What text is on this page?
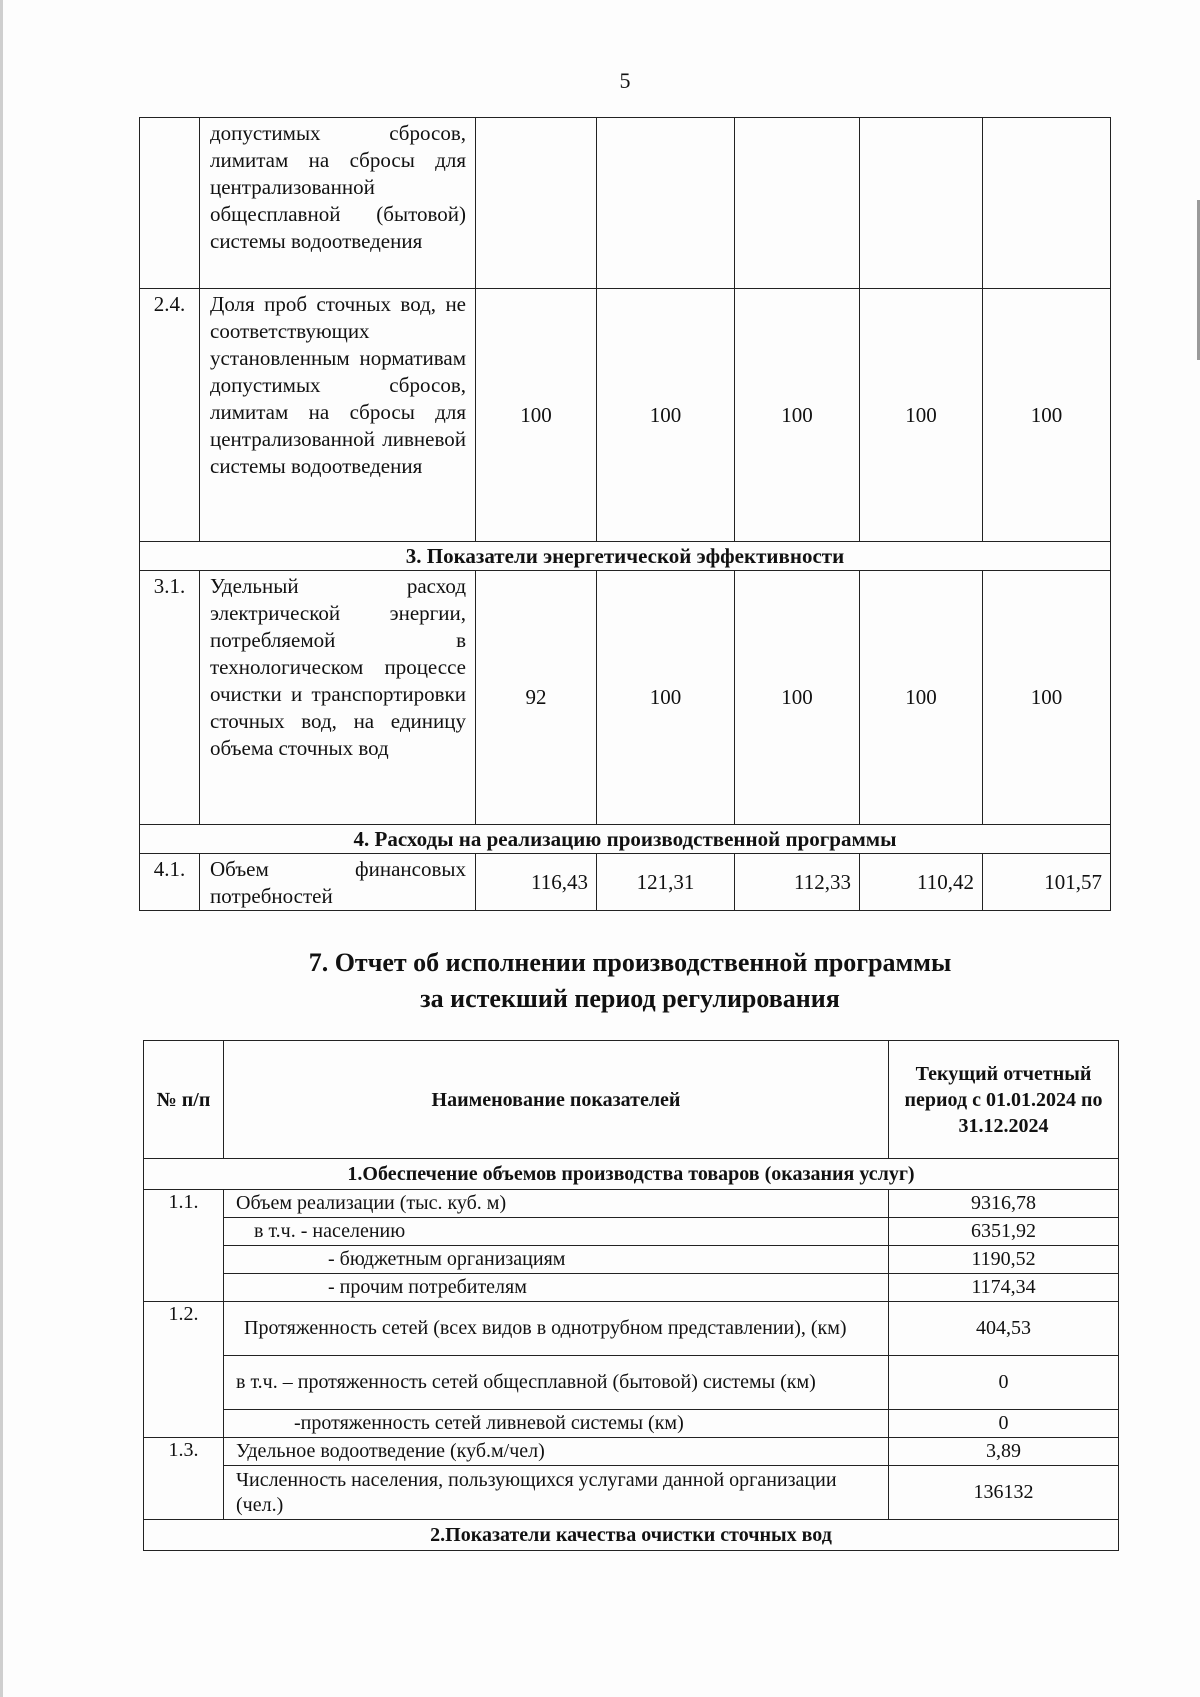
5
	допустимых сбросов, лимитам на сбросы для централизованной общесплавной (бытовой) системы водоотведения					
2.4.	Доля проб сточных вод, не соответствующих установленным нормативам допустимых сбросов, лимитам на сбросы для централизованной ливневой системы водоотведения	100	100	100	100	100
3. Показатели энергетической эффективности						
3.1.	Удельный расход электрической энергии, потребляемой в технологическом процессе очистки и транспортировки сточных вод, на единицу объема сточных вод	92	100	100	100	100
4. Расходы на реализацию производственной программы						
4.1.	Объем финансовых потребностей	116,43	121,31	112,33	110,42	101,57
7. Отчет об исполнении производственной программы
за истекший период регулирования
№ п/п	Наименование показателей	Текущий отчетный период с 01.01.2024 по 31.12.2024
1.Обеспечение объемов производства товаров (оказания услуг)		
1.1.	Объем реализации (тыс. куб. м)	9316,78
	в т.ч. - населению	6351,92
	- бюджетным организациям	1190,52
	- прочим потребителям	1174,34
1.2.	Протяженность сетей (всех видов в однотрубном представлении), (км)	404,53
	в т.ч. – протяженность сетей общесплавной (бытовой) системы (км)	0
	-протяженность сетей ливневой системы (км)	0
1.3.	Удельное водоотведение (куб.м/чел)	3,89
	Численность населения, пользующихся услугами данной организации (чел.)	136132
2.Показатели качества очистки сточных вод		
